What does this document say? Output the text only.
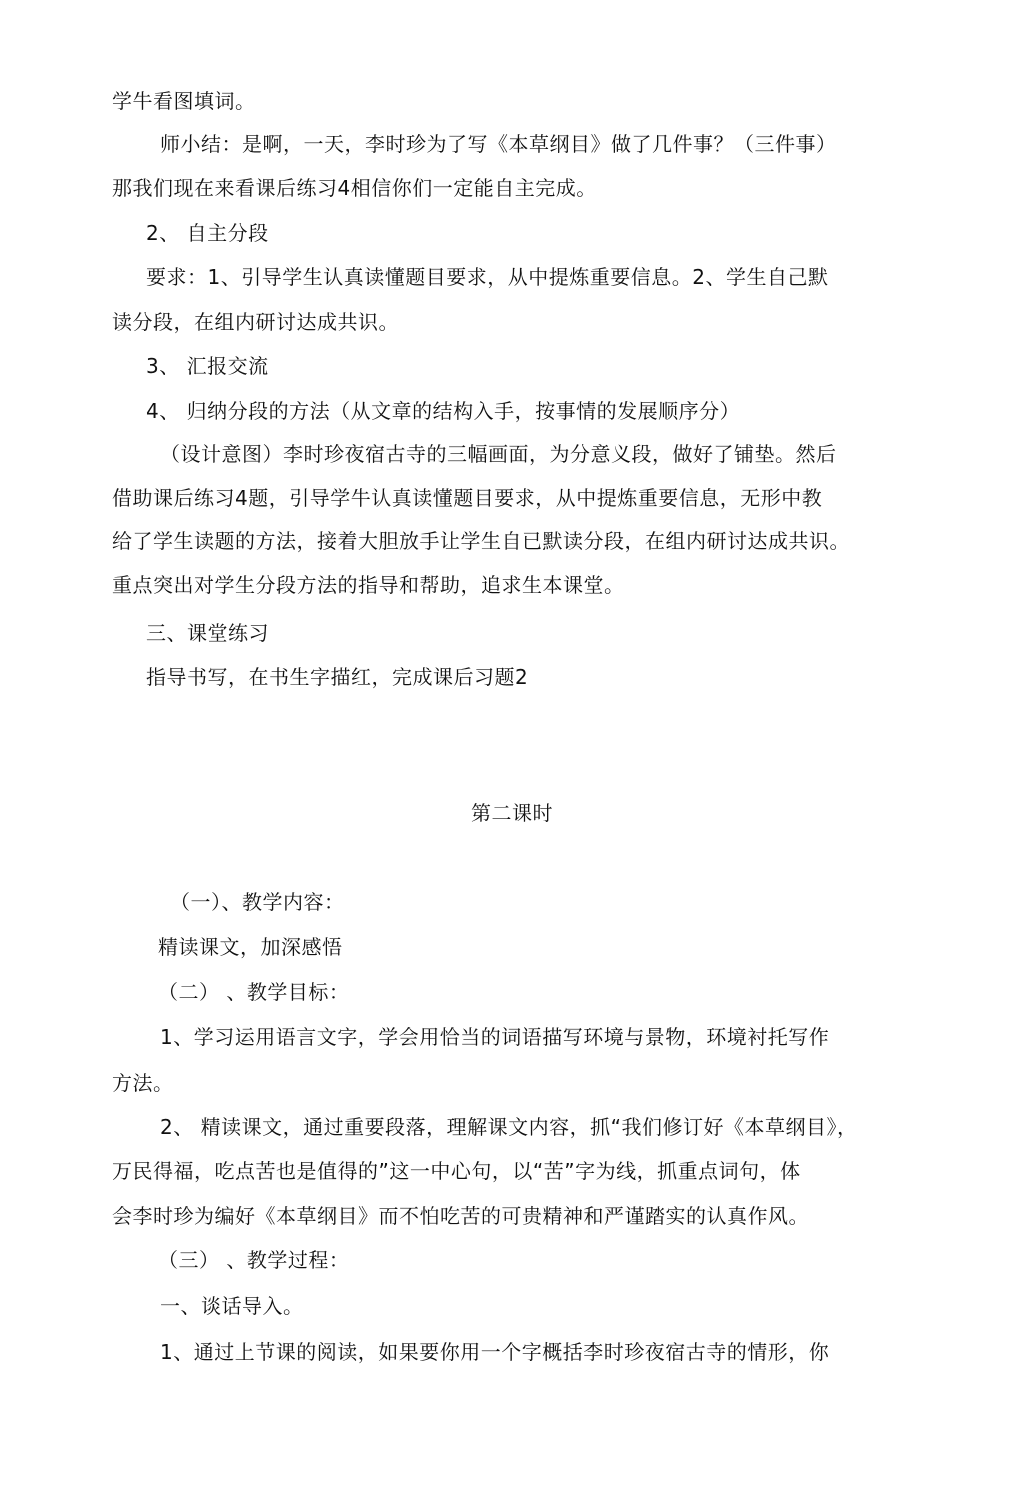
学牛看图填词。
师小结：是啊，一天，李时珍为了写《本草纲目》做了几件事？（三件事）
那我们现在来看课后练习4相信你们一定能自主完成。
2、 自主分段
要求：1、引导学生认真读懂题目要求，从中提炼重要信息。2、学生自己默
读分段，在组内研讨达成共识。
3、 汇报交流
4、 归纳分段的方法（从文章的结构入手，按事情的发展顺序分）
（设计意图）李时珍夜宿古寺的三幅画面，为分意义段，做好了铺垫。然后
借助课后练习4题，引导学牛认真读懂题目要求，从中提炼重要信息，无形中教
给了学生读题的方法，接着大胆放手让学生自已默读分段，在组内研讨达成共识。
重点突出对学生分段方法的指导和帮助，追求生本课堂。
三、课堂练习
指导书写，在书生字描红，完成课后习题2
第二课时
（一）、教学内容：
精读课文，加深感悟
（二） 、教学目标：
1、学习运用语言文字，学会用恰当的词语描写环境与景物，环境衬托写作
方法。
2、 精读课文，通过重要段落，理解课文内容，抓“我们修订好《本草纲目》，
万民得福，吃点苦也是值得的”这一中心句，以“苦”字为线，抓重点词句，体
会李时珍为编好《本草纲目》而不怕吃苦的可贵精神和严谨踏实的认真作风。
（三） 、教学过程：
一、谈话导入。
1、通过上节课的阅读，如果要你用一个字概括李时珍夜宿古寺的情形，你
